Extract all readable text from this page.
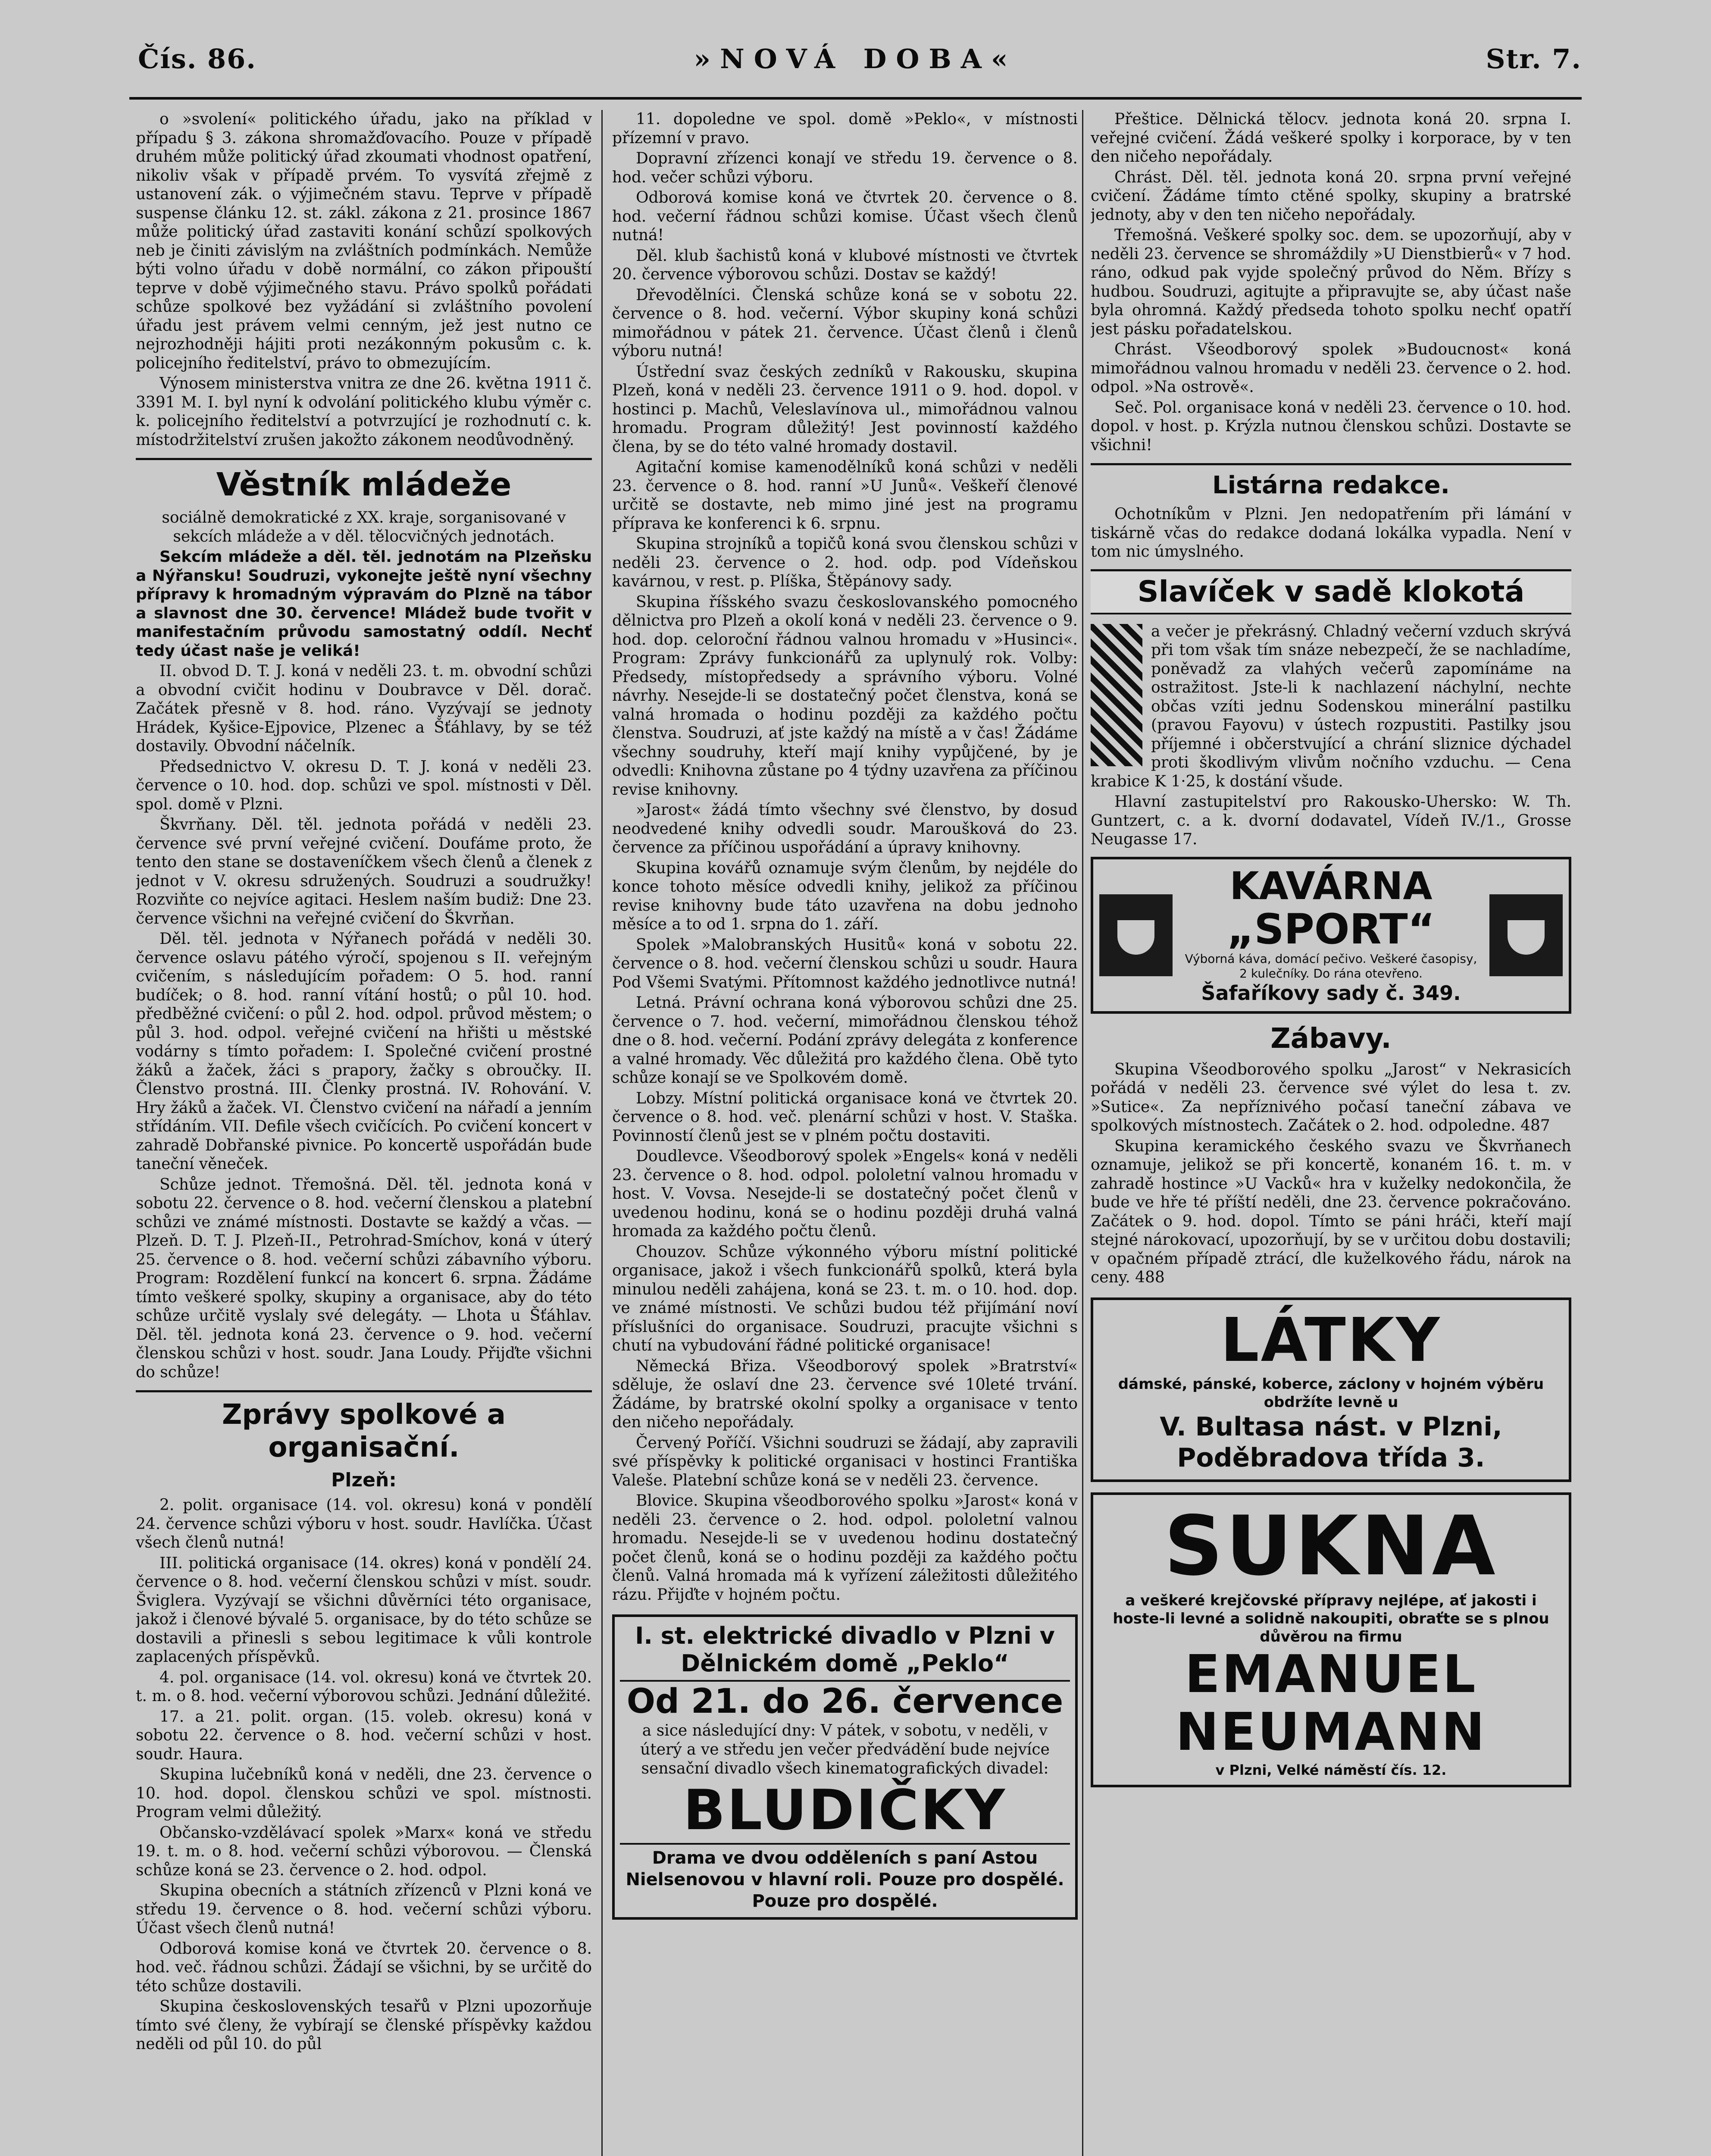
Čís. 86.	»NOVÁ DOBA«	Str. 7.

o »svolení« politického úřadu, jako na příklad v případu § 3. zákona shromažďovacího. Pouze v případě druhém může politický úřad zkoumati vhodnost opatření, nikoliv však v případě prvém. To vysvítá zřejmě z ustanovení zák. o výjimečném stavu. Teprve v případě suspense článku 12. st. zákl. zákona z 21. prosince 1867 může politický úřad zastaviti konání schůzí spolkových neb je činiti závislým na zvláštních podmínkách. Nemůže býti volno úřadu v době normální, co zákon připouští teprve v době výjimečného stavu. Právo spolků pořádati schůze spolkové bez vyžádání si zvláštního povolení úřadu jest právem velmi cenným, jež jest nutno ce nejrozhodněji hájiti proti nezákonným pokusům c. k. policejního ředitelství, právo to obmezujícím.

Výnosem ministerstva vnitra ze dne 26. května 1911 č. 3391 M. I. byl nyní k odvolání politického klubu výměr c. k. policejního ředitelství a potvrzující je rozhodnutí c. k. místodržitelství zrušen jakožto zákonem neodůvodněný.

Věstník mládeže

sociálně demokratické z XX. kraje, sorganisované v sekcích mládeže a v děl. tělocvičných jednotách.

Sekcím mládeže a děl. těl. jednotám na Plzeňsku a Nýřansku! Soudruzi, vykonejte ještě nyní všechny přípravy k hromadným výpravám do Plzně na tábor a slavnost dne 30. července! Mládež bude tvořit v manifestačním průvodu samostatný oddíl. Nechť tedy účast naše je veliká!

II. obvod D. T. J. koná v neděli 23. t. m. obvodní schůzi a obvodní cvičit hodinu v Doubravce v Děl. dorač. Začátek přesně v 8. hod. ráno. Vyzývají se jednoty Hrádek, Kyšice-Ejpovice, Plzenec a Šťáhlavy, by se též dostavily. Obvodní náčelník.

Předsednictvo V. okresu D. T. J. koná v neděli 23. července o 10. hod. dop. schůzi ve spol. místnosti v Děl. spol. domě v Plzni.

Škvrňany. Děl. těl. jednota pořádá v neděli 23. července své první veřejné cvičení. Doufáme proto, že tento den stane se dostaveníčkem všech členů a členek z jednot v V. okresu sdružených. Soudruzi a soudružky! Rozviňte co nejvíce agitaci. Heslem naším budiž: Dne 23. července všichni na veřejné cvičení do Škvrňan.

Děl. těl. jednota v Nýřanech pořádá v neděli 30. července oslavu pátého výročí, spojenou s II. veřejným cvičením, s následujícím pořadem: O 5. hod. ranní budíček; o 8. hod. ranní vítání hostů; o půl 10. hod. předběžné cvičení: o půl 2. hod. odpol. průvod městem; o půl 3. hod. odpol. veřejné cvičení na hřišti u městské vodárny s tímto pořadem: I. Společné cvičení prostné žáků a žaček, žáci s prapory, žačky s obroučky. II. Členstvo prostná. III. Členky prostná. IV. Rohování. V. Hry žáků a žaček. VI. Členstvo cvičení na nářadí a jenním střídáním. VII. Defile všech cvičících. Po cvičení koncert v zahradě Dobřanské pivnice. Po koncertě uspořádán bude taneční věneček.

Schůze jednot. Třemošná. Děl. těl. jednota koná v sobotu 22. července o 8. hod. večerní členskou a platební schůzi ve známé místnosti. Dostavte se každý a včas. — Plzeň. D. T. J. Plzeň-II., Petrohrad-Smíchov, koná v úterý 25. července o 8. hod. večerní schůzi zábavního výboru. Program: Rozdělení funkcí na koncert 6. srpna. Žádáme tímto veškeré spolky, skupiny a organisace, aby do této schůze určitě vyslaly své delegáty. — Lhota u Šťáhlav. Děl. těl. jednota koná 23. července o 9. hod. večerní členskou schůzi v host. soudr. Jana Loudy. Přijďte všichni do schůze!

Zprávy spolkové a organisační.
Plzeň:

2. polit. organisace (14. vol. okresu) koná v pondělí 24. července schůzi výboru v host. soudr. Havlíčka. Účast všech členů nutná!

III. politická organisace (14. okres) koná v pondělí 24. července o 8. hod. večerní členskou schůzi v míst. soudr. Šviglera. Vyzývají se všichni důvěrníci této organisace, jakož i členové bývalé 5. organisace, by do této schůze se dostavili a přinesli s sebou legitimace k vůli kontrole zaplacených příspěvků.

4. pol. organisace (14. vol. okresu) koná ve čtvrtek 20. t. m. o 8. hod. večerní výborovou schůzi. Jednání důležité.

17. a 21. polit. organ. (15. voleb. okresu) koná v sobotu 22. července o 8. hod. večerní schůzi v host. soudr. Haura.

Skupina lučebníků koná v neděli, dne 23. července o 10. hod. dopol. členskou schůzi ve spol. místnosti. Program velmi důležitý.

Občansko-vzdělávací spolek »Marx« koná ve středu 19. t. m. o 8. hod. večerní schůzi výborovou. — Členská schůze koná se 23. července o 2. hod. odpol.

Skupina obecních a státních zřízenců v Plzni koná ve středu 19. července o 8. hod. večerní schůzi výboru. Účast všech členů nutná!

Odborová komise koná ve čtvrtek 20. července o 8. hod. več. řádnou schůzi. Žádají se všichni, by se určitě do této schůze dostavili.

Skupina československých tesařů v Plzni upozorňuje tímto své členy, že vybírají se členské příspěvky každou neděli od půl 10. do půl

11. dopoledne ve spol. domě »Peklo«, v místnosti přízemní v pravo.

Dopravní zřízenci konají ve středu 19. července o 8. hod. večer schůzi výboru.

Odborová komise koná ve čtvrtek 20. července o 8. hod. večerní řádnou schůzi komise. Účast všech členů nutná!

Děl. klub šachistů koná v klubové místnosti ve čtvrtek 20. července výborovou schůzi. Dostav se každý!

Dřevodělníci. Členská schůze koná se v sobotu 22. července o 8. hod. večerní. Výbor skupiny koná schůzi mimořádnou v pátek 21. července. Účast členů i členů výboru nutná!

Ústřední svaz českých zedníků v Rakousku, skupina Plzeň, koná v neděli 23. července 1911 o 9. hod. dopol. v hostinci p. Machů, Veleslavínova ul., mimořádnou valnou hromadu. Program důležitý! Jest povinností každého člena, by se do této valné hromady dostavil.

Agitační komise kamenodělníků koná schůzi v neděli 23. července o 8. hod. ranní »U Junů«. Veškeří členové určitě se dostavte, neb mimo jiné jest na programu příprava ke konferenci k 6. srpnu.

Skupina strojníků a topičů koná svou členskou schůzi v neděli 23. července o 2. hod. odp. pod Vídeňskou kavárnou, v rest. p. Plíška, Štěpánovy sady.

Skupina říšského svazu českoslovanského pomocného dělnictva pro Plzeň a okolí koná v neděli 23. července o 9. hod. dop. celoroční řádnou valnou hromadu v »Husinci«. Program: Zprávy funkcionářů za uplynulý rok. Volby: Předsedy, místopředsedy a správního výboru. Volné návrhy. Nesejde-li se dostatečný počet členstva, koná se valná hromada o hodinu později za každého počtu členstva. Soudruzi, ať jste každý na místě a v čas! Žádáme všechny soudruhy, kteří mají knihy vypůjčené, by je odvedli: Knihovna zůstane po 4 týdny uzavřena za příčinou revise knihovny.

»Jarost« žádá tímto všechny své členstvo, by dosud neodvedené knihy odvedli soudr. Maroušková do 23. července za příčinou uspořádání a úpravy knihovny.

Skupina kovářů oznamuje svým členům, by nejdéle do konce tohoto měsíce odvedli knihy, jelikož za příčinou revise knihovny bude táto uzavřena na dobu jednoho měsíce a to od 1. srpna do 1. září.

Spolek »Malobranských Husitů« koná v sobotu 22. července o 8. hod. večerní členskou schůzi u soudr. Haura Pod Všemi Svatými. Přítomnost každého jednotlivce nutná!

Letná. Právní ochrana koná výborovou schůzi dne 25. července o 7. hod. večerní, mimořádnou členskou téhož dne o 8. hod. večerní. Podání zprávy delegáta z konference a valné hromady. Věc důležitá pro každého člena. Obě tyto schůze konají se ve Spolkovém domě.

Lobzy. Místní politická organisace koná ve čtvrtek 20. července o 8. hod. več. plenární schůzi v host. V. Staška. Povinností členů jest se v plném počtu dostaviti.

Doudlevce. Všeodborový spolek »Engels« koná v neděli 23. července o 8. hod. odpol. pololetní valnou hromadu v host. V. Vovsa. Nesejde-li se dostatečný počet členů v uvedenou hodinu, koná se o hodinu později druhá valná hromada za každého počtu členů.

Chouzov. Schůze výkonného výboru místní politické organisace, jakož i všech funkcionářů spolků, která byla minulou neděli zahájena, koná se 23. t. m. o 10. hod. dop. ve známé místnosti. Ve schůzi budou též přijímání noví příslušníci do organisace. Soudruzi, pracujte všichni s chutí na vybudování řádné politické organisace!

Německá Břiza. Všeodborový spolek »Bratrství« sděluje, že oslaví dne 23. července své 10leté trvání. Žádáme, by bratrské okolní spolky a organisace v tento den ničeho nepořádaly.

Červený Poříčí. Všichni soudruzi se žádají, aby zapravili své příspěvky k politické organisaci v hostinci Františka Valeše. Platební schůze koná se v neděli 23. července.

Blovice. Skupina všeodborového spolku »Jarost« koná v neděli 23. července o 2. hod. odpol. pololetní valnou hromadu. Nesejde-li se v uvedenou hodinu dostatečný počet členů, koná se o hodinu později za každého počtu členů. Valná hromada má k vyřízení záležitosti důležitého rázu. Přijďte v hojném počtu.

I. st. elektrické divadlo v Plzni v Dělnickém domě „Peklo“
Od 21. do 26. července
a sice následující dny: V pátek, v sobotu, v neděli, v úterý a ve středu jen večer předvádění bude nejvíce sensační divadlo všech kinematografických divadel:
BLUDIČKY
Drama ve dvou odděleních s paní Astou Nielsenovou v hlavní roli. Pouze pro dospělé. Pouze pro dospělé.

Přeštice. Dělnická tělocv. jednota koná 20. srpna I. veřejné cvičení. Žádá veškeré spolky i korporace, by v ten den ničeho nepořádaly.

Chrást. Děl. těl. jednota koná 20. srpna první veřejné cvičení. Žádáme tímto ctěné spolky, skupiny a bratrské jednoty, aby v den ten ničeho nepořádaly.

Třemošná. Veškeré spolky soc. dem. se upozorňují, aby v neděli 23. července se shromáždily »U Dienstbierů« v 7 hod. ráno, odkud pak vyjde společný průvod do Něm. Břízy s hudbou. Soudruzi, agitujte a připravujte se, aby účast naše byla ohromná. Každý předseda tohoto spolku nechť opatří jest pásku pořadatelskou.

Chrást. Všeodborový spolek »Budoucnost« koná mimořádnou valnou hromadu v neděli 23. července o 2. hod. odpol. »Na ostrově«.

Seč. Pol. organisace koná v neděli 23. července o 10. hod. dopol. v host. p. Krýzla nutnou členskou schůzi. Dostavte se všichni!

Listárna redakce.

Ochotníkům v Plzni. Jen nedopatřením při lámání v tiskárně včas do redakce dodaná lokálka vypadla. Není v tom nic úmyslného.

Slavíček v sadě klokotá

a večer je překrásný. Chladný večerní vzduch skrývá při tom však tím snáze nebezpečí, že se nachladíme, poněvadž za vlahých večerů zapomínáme na ostražitost. Jste-li k nachlazení náchylní, nechte občas vzíti jednu Sodenskou minerální pastilku (pravou Fayovu) v ústech rozpustiti. Pastilky jsou příjemné i občerstvující a chrání sliznice dýchadel proti škodlivým vlivům nočního vzduchu. — Cena krabice K 1·25, k dostání všude.

Hlavní zastupitelství pro Rakousko-Uhersko: W. Th. Guntzert, c. a k. dvorní dodavatel, Vídeň IV./1., Grosse Neugasse 17.

KAVÁRNA
„SPORT“
Výborná káva, domácí pečivo. Veškeré časopisy, 2 kulečníky. Do rána otevřeno.
Šafaříkovy sady č. 349.
Zábavy.

Skupina Všeodborového spolku „Jarost“ v Nekrasicích pořádá v neděli 23. července své výlet do lesa t. zv. »Sutice«. Za nepříznivého počasí taneční zábava ve spolkových místnostech. Začátek o 2. hod. odpoledne. 487

Skupina keramického českého svazu ve Škvrňanech oznamuje, jelikož se při koncertě, konaném 16. t. m. v zahradě hostince »U Vacků« hra v kuželky nedokončila, že bude ve hře té příští neděli, dne 23. července pokračováno. Začátek o 9. hod. dopol. Tímto se páni hráči, kteří mají stejné nárokovací, upozorňují, by se v určitou dobu dostavili; v opačném případě ztrácí, dle kuželkového řádu, nárok na ceny. 488

LÁTKY
dámské, pánské, koberce, záclony v hojném výběru obdržíte levně u
V. Bultasa nást. v Plzni, Poděbradova třída 3.
SUKNA
a veškeré krejčovské přípravy nejlépe, ať jakosti i hoste-li levné a solidně nakoupiti, obraťte se s plnou důvěrou na firmu
EMANUEL
NEUMANN
v Plzni, Velké náměstí čís. 12.
